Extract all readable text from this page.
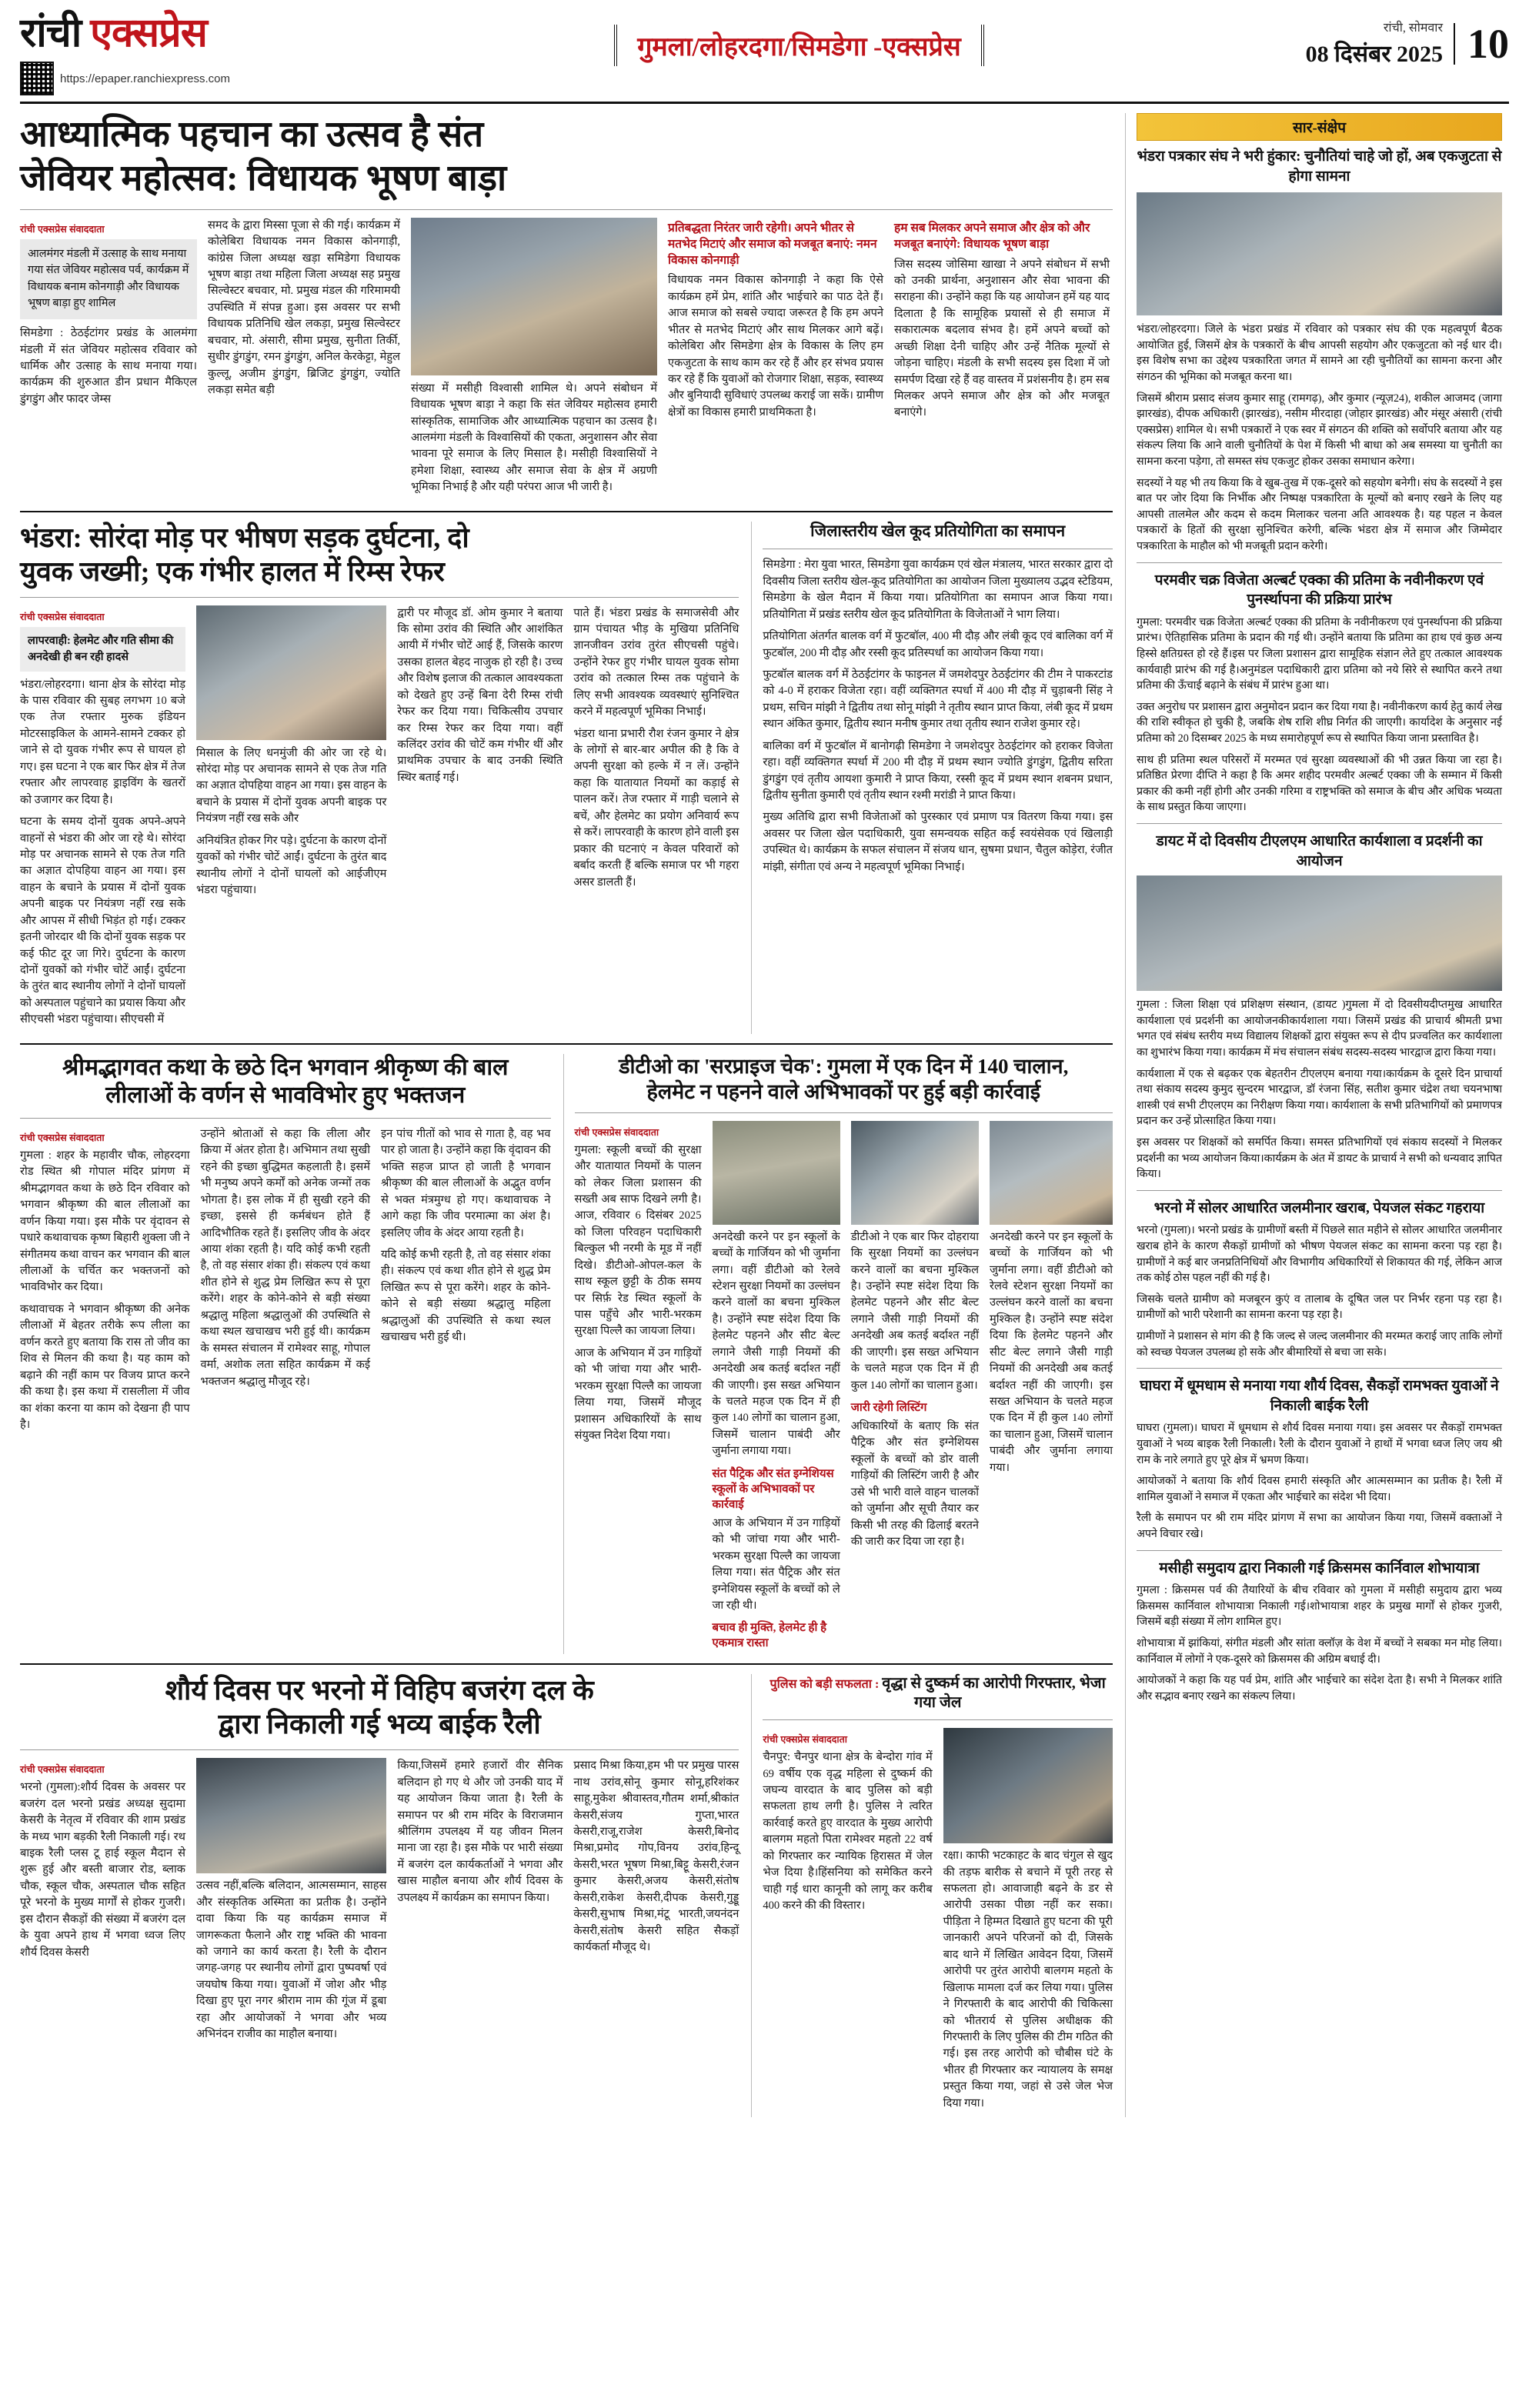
रांची एक्सप्रेस
https://epaper.ranchiexpress.com
गुमला/लोहरदगा/सिमडेगा -एक्सप्रेस
रांची, सोमवार
08 दिसंबर 2025 10
आध्यात्मिक पहचान का उत्सव है संत
जेवियर महोत्सव: विधायक भूषण बाड़ा
रांची एक्सप्रेस संवाददाता
आलमंगर मंडली में उत्साह के साथ मनाया गया संत जेवियर महोत्सव पर्व, कार्यक्रम में विधायक बनाम कोनगाड़ी और विधायक भूषण बाड़ा हुए शामिल

सिमडेगा : ठेठईटांगर प्रखंड के आलमंगा मंडली में संत जेवियर महोत्सव रविवार को धार्मिक और उत्साह के साथ मनाया गया। कार्यक्रम की शुरुआत डीन प्रधान मैकिएल डुंगडुंग और फादर जेम्स

समद के द्वारा मिस्सा पूजा से की गई। कार्यक्रम में कोलेबिरा विधायक नमन विकास कोनगाड़ी, कांग्रेस जिला अध्यक्ष खड़ा समिडेगा विधायक भूषण बाड़ा तथा महिला जिला अध्यक्ष सह प्रमुख सिल्वेस्टर बचवार, मो. प्रमुख मंडल की गरिमामयी उपस्थिति में संपन्न हुआ। इस अवसर पर सभी विधायक प्रतिनिधि खेल लकड़ा, प्रमुख सिल्वेस्टर बचवार, मो. अंसारी, सीमा प्रमुख, सुनीता तिर्की, सुधीर डुंगडुंग, रमन डुंगडुंग, अनिल केरकेट्टा, मेहुल कुल्लू, अजीम डुंगडुंग, ब्रिजिट डुंगडुंग, ज्योति लकड़ा समेत बड़ी	संख्या में मसीही विश्वासी शामिल थे। अपने संबोधन में विधायक भूषण बाड़ा ने कहा कि संत जेवियर महोत्सव हमारी सांस्कृतिक, सामाजिक और आध्यात्मिक पहचान का उत्सव है। आलमंगा मंडली के विश्वासियों की एकता, अनुशासन और सेवा भावना पूरे समाज के लिए मिसाल है। मसीही विश्वासियों ने हमेशा शिक्षा, स्वास्थ्य और समाज सेवा के क्षेत्र में अग्रणी भूमिका निभाई है और यही परंपरा आज भी जारी है।

प्रतिबद्धता निरंतर जारी रहेगी। अपने भीतर से मतभेद मिटाएं और समाज को मजबूत बनाएं: नमन विकास कोनगाड़ी

विधायक नमन विकास कोनगाड़ी ने कहा कि ऐसे कार्यक्रम हमें प्रेम, शांति और भाईचारे का पाठ देते हैं। आज समाज को सबसे ज्यादा जरूरत है कि हम अपने भीतर से मतभेद मिटाएं और साथ मिलकर आगे बढ़ें। कोलेबिरा और सिमडेगा क्षेत्र के विकास के लिए हम एकजुटता के साथ काम कर रहे हैं और हर संभव प्रयास कर रहे हैं कि युवाओं को रोजगार शिक्षा, सड़क, स्वास्थ्य और बुनियादी सुविधाएं उपलब्ध कराई जा सकें। ग्रामीण क्षेत्रों का विकास हमारी प्राथमिकता है।

हम सब मिलकर अपने समाज और क्षेत्र को और मजबूत बनाएंगे: विधायक भूषण बाड़ा

जिस सदस्य जोसिमा खाखा ने अपने संबोधन में सभी को उनकी प्रार्थना, अनुशासन और सेवा भावना की सराहना की। उन्होंने कहा कि यह आयोजन हमें यह याद दिलाता है कि सामूहिक प्रयासों से ही समाज में सकारात्मक बदलाव संभव है। हमें अपने बच्चों को अच्छी शिक्षा देनी चाहिए और उन्हें नैतिक मूल्यों से जोड़ना चाहिए। मंडली के सभी सदस्य इस दिशा में जो समर्पण दिखा रहे हैं वह वास्तव में प्रशंसनीय है। हम सब मिलकर अपने समाज और क्षेत्र को और मजबूत बनाएंगे।

भंडरा: सोरंदा मोड़ पर भीषण सड़क दुर्घटना, दो
युवक जख्मी; एक गंभीर हालत में रिम्स रेफर
रांची एक्सप्रेस संवाददाता
लापरवाही: हेलमेट और गति सीमा की अनदेखी ही बन रही हादसे

भंडरा/लोहरदगा। थाना क्षेत्र के सोरंदा मोड़ के पास रविवार की सुबह लगभग 10 बजे एक तेज रफ्तार मुरुक इंडियन मोटरसाइकिल के आमने-सामने टक्कर हो जाने से दो युवक गंभीर रूप से घायल हो गए। इस घटना ने एक बार फिर क्षेत्र में तेज रफ्तार और लापरवाह ड्राइविंग के खतरों को उजागर कर दिया है।

घटना के समय दोनों युवक अपने-अपने वाहनों से भंडरा की ओर जा रहे थे। सोरंदा मोड़ पर अचानक सामने से एक तेज गति का अज्ञात दोपहिया वाहन आ गया। इस वाहन के बचाने के प्रयास में दोनों युवक अपनी बाइक पर नियंत्रण नहीं रख सके और आपस में सीधी भिड़ंत हो गई। टक्कर इतनी जोरदार थी कि दोनों युवक सड़क पर कई फीट दूर जा गिरे। दुर्घटना के कारण दोनों युवकों को गंभीर चोटें आईं। दुर्घटना के तुरंत बाद स्थानीय लोगों ने दोनों घायलों को अस्पताल पहुंचाने का प्रयास किया और सीएचसी भंडरा पहुंचाया। सीएचसी में

मिसाल के लिए धनमुंजी की ओर जा रहे थे। सोरंदा मोड़ पर अचानक सामने से एक तेज गति का अज्ञात दोपहिया वाहन आ गया। इस वाहन के बचाने के प्रयास में दोनों युवक अपनी बाइक पर नियंत्रण नहीं रख सके और

अनियंत्रित होकर गिर पड़े। दुर्घटना के कारण दोनों युवकों को गंभीर चोटें आईं। दुर्घटना के तुरंत बाद स्थानीय लोगों ने दोनों घायलों को आईजीएम भंडरा पहुंचाया।

द्वारी पर मौजूद डॉ. ओम कुमार ने बताया कि सोमा उरांव की स्थिति और आशंकित आयी में गंभीर चोटें आई हैं, जिसके कारण उसका हालत बेहद नाजुक हो रही है। उच्च और विशेष इलाज की तत्काल आवश्यकता को देखते हुए उन्हें बिना देरी रिम्स रांची रेफर कर दिया गया। चिकित्सीय उपचार कर रिम्स रेफर कर दिया गया। वहीं कलिंदर उरांव की चोटें कम गंभीर थीं और प्राथमिक उपचार के बाद उनकी स्थिति स्थिर बताई गई।

पाते हैं। भंडरा प्रखंड के समाजसेवी और ग्राम पंचायत भीड़ के मुखिया प्रतिनिधि ज्ञानजीवन उरांव तुरंत सीएचसी पहुंचे। उन्होंने रेफर हुए गंभीर घायल युवक सोमा उरांव को तत्काल रिम्स तक पहुंचाने के लिए सभी आवश्यक व्यवस्थाएं सुनिश्चित करने में महत्वपूर्ण भूमिका निभाई।

भंडरा थाना प्रभारी रौश रंजन कुमार ने क्षेत्र के लोगों से बार-बार अपील की है कि वे अपनी सुरक्षा को हल्के में न लें। उन्होंने कहा कि यातायात नियमों का कड़ाई से पालन करें। तेज रफ्तार में गाड़ी चलाने से बचें, और हेलमेट का प्रयोग अनिवार्य रूप से करें। लापरवाही के कारण होने वाली इस प्रकार की घटनाएं न केवल परिवारों को बर्बाद करती हैं बल्कि समाज पर भी गहरा असर डालती हैं।

जिलास्तरीय खेल कूद प्रतियोगिता का समापन

सिमडेगा : मेरा युवा भारत, सिमडेगा युवा कार्यक्रम एवं खेल मंत्रालय, भारत सरकार द्वारा दो दिवसीय जिला स्तरीय खेल-कूद प्रतियोगिता का आयोजन जिला मुख्यालय उद्भव स्टेडियम, सिमडेगा के खेल मैदान में किया गया। प्रतियोगिता का समापन आज किया गया। प्रतियोगिता में प्रखंड स्तरीय खेल कूद प्रतियोगिता के विजेताओं ने भाग लिया।

प्रतियोगिता अंतर्गत बालक वर्ग में फुटबॉल, 400 मी दौड़ और लंबी कूद एवं बालिका वर्ग में फुटबॉल, 200 मी दौड़ और रस्सी कूद प्रतिस्पर्धा का आयोजन किया गया।

फुटबॉल बालक वर्ग में ठेठईटांगर के फाइनल में जमशेदपुर ठेठईटांगर की टीम ने पाकरटांड को 4-0 में हराकर विजेता रहा। वहीं व्यक्तिगत स्पर्धा में 400 मी दौड़ में चुड़ाबनी सिंह ने प्रथम, सचिन मांझी ने द्वितीय तथा सोनू मांझी ने तृतीय स्थान प्राप्त किया, लंबी कूद में प्रथम स्थान अंकित कुमार, द्वितीय स्थान मनीष कुमार तथा तृतीय स्थान राजेश कुमार रहे।

बालिका वर्ग में फुटबॉल में बानोगढ़ी सिमडेगा ने जमशेदपुर ठेठईटांगर को हराकर विजेता रहा। वहीं व्यक्तिगत स्पर्धा में 200 मी दौड़ में प्रथम स्थान ज्योति डुंगडुंग, द्वितीय सरिता डुंगडुंग एवं तृतीय आयशा कुमारी ने प्राप्त किया, रस्सी कूद में प्रथम स्थान शबनम प्रधान, द्वितीय सुनीता कुमारी एवं तृतीय स्थान रश्मी मरांडी ने प्राप्त किया।

मुख्य अतिथि द्वारा सभी विजेताओं को पुरस्कार एवं प्रमाण पत्र वितरण किया गया। इस अवसर पर जिला खेल पदाधिकारी, युवा समन्वयक सहित कई स्वयंसेवक एवं खिलाड़ी उपस्थित थे। कार्यक्रम के सफल संचालन में संजय धान, सुषमा प्रधान, चैतुल कोड़ेरा, रंजीत मांझी, संगीता एवं अन्य ने महत्वपूर्ण भूमिका निभाई।

श्रीमद्भागवत कथा के छठे दिन भगवान श्रीकृष्ण की बाल
लीलाओं के वर्णन से भावविभोर हुए भक्तजन
रांची एक्सप्रेस संवाददाता

गुमला : शहर के महावीर चौक, लोहरदगा रोड स्थित श्री गोपाल मंदिर प्रांगण में श्रीमद्भागवत कथा के छठे दिन रविवार को भगवान श्रीकृष्ण की बाल लीलाओं का वर्णन किया गया। इस मौके पर वृंदावन से पधारे कथावाचक कृष्ण बिहारी शुक्ला जी ने संगीतमय कथा वाचन कर भगवान की बाल लीलाओं के चर्चित कर भक्तजनों को भावविभोर कर दिया।

कथावाचक ने भगवान श्रीकृष्ण की अनेक लीलाओं में बेहतर तरीके रूप लीला का वर्णन करते हुए बताया कि रास तो जीव का शिव से मिलन की कथा है। यह काम को बढ़ाने की नहीं काम पर विजय प्राप्त करने की कथा है। इस कथा में रासलीला में जीव का शंका करना या काम को देखना ही पाप है।

उन्होंने श्रोताओं से कहा कि लीला और क्रिया में अंतर होता है। अभिमान तथा सुखी रहने की इच्छा बुद्धिमत कहलाती है। इसमें भी मनुष्य अपने कर्मों को अनेक जन्मों तक भोगता है। इस लोक में ही सुखी रहने की इच्छा, इससे ही कर्मबंधन होते हैं आदिभौतिक रहते हैं। इसलिए जीव के अंदर आया शंका रहती है। यदि कोई कभी रहती है, तो वह संसार शंका ही। संकल्प एवं कथा शीत होने से शुद्ध प्रेम लिखित रूप से पूरा करेंगे। शहर के कोने-कोने से बड़ी संख्या श्रद्धालु महिला श्रद्धालुओं की उपस्थिति से कथा स्थल खचाखच भरी हुई थी। कार्यक्रम के समस्त संचालन में रामेश्वर साहू, गोपाल वर्मा, अशोक लता सहित कार्यक्रम में कई भक्तजन श्रद्धालु मौजूद रहे।

इन पांच गीतों को भाव से गाता है, वह भव पार हो जाता है। उन्होंने कहा कि वृंदावन की भक्ति सहज प्राप्त हो जाती है भगवान श्रीकृष्ण की बाल लीलाओं के अद्भुत वर्णन से भक्त मंत्रमुग्ध हो गए। कथावाचक ने आगे कहा कि जीव परमात्मा का अंश है। इसलिए जीव के अंदर आया रहती है।

यदि कोई कभी रहती है, तो वह संसार शंका ही। संकल्प एवं कथा शीत होने से शुद्ध प्रेम लिखित रूप से पूरा करेंगे। शहर के कोने-कोने से बड़ी संख्या श्रद्धालु महिला श्रद्धालुओं की उपस्थिति से कथा स्थल खचाखच भरी हुई थी।

डीटीओ का 'सरप्राइज चेक': गुमला में एक दिन में 140 चालान,
हेलमेट न पहनने वाले अभिभावकों पर हुई बड़ी कार्रवाई
रांची एक्सप्रेस संवाददाता

गुमला: स्कूली बच्चों की सुरक्षा और यातायात नियमों के पालन को लेकर जिला प्रशासन की सख्ती अब साफ दिखने लगी है। आज, रविवार 6 दिसंबर 2025 को जिला परिवहन पदाधिकारी बिल्कुल भी नरमी के मूड में नहीं दिखे। डीटीओ-ओपल-कल के साथ स्कूल छुट्टी के ठीक समय पर सिर्फ़ रेड स्थित स्कूलों के पास पहुँचे और भारी-भरकम सुरक्षा पिल्लै का जायजा लिया।

आज के अभियान में उन गाड़ियों को भी जांचा गया और भारी-भरकम सुरक्षा पिल्लै का जायजा लिया गया, जिसमें मौजूद प्रशासन अधिकारियों के साथ संयुक्त निदेश दिया गया।

अनदेखी करने पर इन स्कूलों के बच्चों के गार्जियन को भी जुर्माना लगा। वहीं डीटीओ को रेलवे स्टेशन सुरक्षा नियमों का उल्लंघन करने वालों का बचना मुश्किल है। उन्होंने स्पष्ट संदेश दिया कि हेलमेट पहनने और सीट बेल्ट लगाने जैसी गाड़ी नियमों की अनदेखी अब कतई बर्दाश्त नहीं की जाएगी। इस सख्त अभियान के चलते महज एक दिन में ही कुल 140 लोगों का चालान हुआ, जिसमें चालान पाबंदी और जुर्माना लगाया गया।

संत पैट्रिक और संत इग्नेशियस स्कूलों के अभिभावकों पर कार्रवाई

आज के अभियान में उन गाड़ियों को भी जांचा गया और भारी-भरकम सुरक्षा पिल्लै का जायजा लिया गया। संत पैट्रिक और संत इग्नेशियस स्कूलों के बच्चों को ले जा रही थी।

बचाव ही मुक्ति, हेलमेट ही है एकमात्र रास्ता

डीटीओ ने एक बार फिर दोहराया कि सुरक्षा नियमों का उल्लंघन करने वालों का बचना मुश्किल है। उन्होंने स्पष्ट संदेश दिया कि हेलमेट पहनने और सीट बेल्ट लगाने जैसी गाड़ी नियमों की अनदेखी अब कतई बर्दाश्त नहीं की जाएगी। इस सख्त अभियान के चलते महज एक दिन में ही कुल 140 लोगों का चालान हुआ।

जारी रहेगी लिस्टिंग

अधिकारियों के बताए कि संत पैट्रिक और संत इग्नेशियस स्कूलों के बच्चों को डोर वाली गाड़ियों की लिस्टिंग जारी है और उसे भी भारी वाले वाहन चालकों को जुर्माना और सूची तैयार कर किसी भी तरह की ढिलाई बरतने की जारी कर दिया जा रहा है।

अनदेखी करने पर इन स्कूलों के बच्चों के गार्जियन को भी जुर्माना लगा। वहीं डीटीओ को रेलवे स्टेशन सुरक्षा नियमों का उल्लंघन करने वालों का बचना मुश्किल है। उन्होंने स्पष्ट संदेश दिया कि हेलमेट पहनने और सीट बेल्ट लगाने जैसी गाड़ी नियमों की अनदेखी अब कतई बर्दाश्त नहीं की जाएगी। इस सख्त अभियान के चलते महज एक दिन में ही कुल 140 लोगों का चालान हुआ, जिसमें चालान पाबंदी और जुर्माना लगाया गया।

शौर्य दिवस पर भरनो में विहिप बजरंग दल के
द्वारा निकाली गई भव्य बाईक रैली
रांची एक्सप्रेस संवाददाता

भरनो (गुमला):शौर्य दिवस के अवसर पर बजरंग दल भरनो प्रखंड अध्यक्ष सुदामा केसरी के नेतृत्व में रविवार की शाम प्रखंड के मध्य भाग बड़की रैली निकाली गई। रथ बाइक रैली प्लस टू हाई स्कूल मैदान से शुरू हुई और बस्ती बाजार रोड, ब्लाक चौक, स्कूल चौक, अस्पताल चौक सहित पूरे भरनो के मुख्य मार्गों से होकर गुजरी। इस दौरान सैकड़ों की संख्या में बजरंग दल के युवा अपने हाथ में भगवा ध्वज लिए शौर्य दिवस केसरी

उत्सव नहीं,बल्कि बलिदान, आत्मसम्मान, साहस और संस्कृतिक अस्मिता का प्रतीक है। उन्होंने दावा किया कि यह कार्यक्रम समाज में जागरूकता फैलाने और राष्ट्र भक्ति की भावना को जगाने का कार्य करता है। रैली के दौरान जगह-जगह पर स्थानीय लोगों द्वारा पुष्पवर्षा एवं जयघोष किया गया। युवाओं में जोश और भीड़ दिखा हुए पूरा नगर श्रीराम नाम की गूंज में डूबा रहा और आयोजकों ने भगवा और भव्य अभिनंदन राजीव का माहौल बनाया।

किया,जिसमें हमारे हजारों वीर सैनिक बलिदान हो गए थे और जो उनकी याद में यह आयोजन किया जाता है। रैली के समापन पर श्री राम मंदिर के विराजमान श्रीलिंगम उपलक्ष्य में यह जीवन मिलन माना जा रहा है। इस मौके पर भारी संख्या में बजरंग दल कार्यकर्ताओं ने भगवा और खास माहौल बनाया और शौर्य दिवस के उपलक्ष्य में कार्यक्रम का समापन किया।

प्रसाद मिश्रा किया,हम भी पर प्रमुख पारस नाथ उरांव,सोनू कुमार सोनू,हरिशंकर साहू,मुकेश श्रीवास्तव,गौतम शर्मा,श्रीकांत केसरी,संजय गुप्ता,भारत केसरी,राजू,राजेश केसरी,बिनोद मिश्रा,प्रमोद गोप,विनय उरांव,हिन्दू केसरी,भरत भूषण मिश्रा,बिट्टू केसरी,रंजन कुमार केसरी,अजय केसरी,संतोष केसरी,राकेश केसरी,दीपक केसरी,गुड्डू केसरी,सुभाष मिश्रा,मंटू भारती,जयनंदन केसरी,संतोष केसरी सहित सैकड़ों कार्यकर्ता मौजूद थे।

पुलिस को बड़ी सफलता : वृद्धा से दुष्कर्म का आरोपी गिरफ्तार, भेजा गया जेल
रांची एक्सप्रेस संवाददाता

चैनपुर: चैनपुर थाना क्षेत्र के बेन्दोरा गांव में 69 वर्षीय एक वृद्ध महिला से दुष्कर्म की जघन्य वारदात के बाद पुलिस को बड़ी सफलता हाथ लगी है। पुलिस ने त्वरित कार्रवाई करते हुए वारदात के मुख्य आरोपी बालगम महतो पिता रामेश्वर महतो 22 वर्ष को गिरफ्तार कर न्यायिक हिरासत में जेल भेज दिया है।हिंसनिया को समेकित करने चाही गई धारा कानूनी को लागू कर करीब 400 करने की की विस्तार।

रक्षा। काफी भटकाहट के बाद चंगुल से खुद की तड़फ बारीक से बचाने में पूरी तरह से सफलता हो। आवाजाही बढ़ने के डर से आरोपी उसका पीछा नहीं कर सका। पीड़िता ने हिम्मत दिखाते हुए घटना की पूरी जानकारी अपने परिजनों को दी, जिसके बाद थाने में लिखित आवेदन दिया, जिसमें आरोपी पर तुरंत आरोपी बालगम महतो के खिलाफ मामला दर्ज कर लिया गया। पुलिस ने गिरफ्तारी के बाद आरोपी की चिकित्सा को भीतरार्य से पुलिस अधीक्षक की गिरफ्तारी के लिए पुलिस की टीम गठित की गई। इस तरह आरोपी को चौबीस घंटे के भीतर ही गिरफ्तार कर न्यायालय के समक्ष प्रस्तुत किया गया, जहां से उसे जेल भेज दिया गया।

सार-संक्षेप
भंडरा पत्रकार संघ ने भरी हुंकार: चुनौतियां चाहे जो हों, अब एकजुटता से होगा सामना

भंडरा/लोहरदगा। जिले के भंडरा प्रखंड में रविवार को पत्रकार संघ की एक महत्वपूर्ण बैठक आयोजित हुई, जिसमें क्षेत्र के पत्रकारों के बीच आपसी सहयोग और एकजुटता को नई धार दी। इस विशेष सभा का उद्देश्य पत्रकारिता जगत में सामने आ रही चुनौतियों का सामना करना और संगठन की भूमिका को मजबूत करना था।

जिसमें श्रीराम प्रसाद संजय कुमार साहू (रामगढ़), और कुमार (न्यूज़24), शकील आजमद (जागा झारखंड), दीपक अधिकारी (झारखंड), नसीम मीरदाहा (जोहार झारखंड) और मंसूर अंसारी (रांची एक्सप्रेस) शामिल थे। सभी पत्रकारों ने एक स्वर में संगठन की शक्ति को सर्वोपरि बताया और यह संकल्प लिया कि आने वाली चुनौतियों के पेश में किसी भी बाधा को अब समस्या या चुनौती का सामना करना पड़ेगा, तो समस्त संघ एकजुट होकर उसका समाधान करेगा।

सदस्यों ने यह भी तय किया कि वे खुब-तुख में एक-दूसरे को सहयोग बनेगी। संघ के सदस्यों ने इस बात पर जोर दिया कि निर्भीक और निष्पक्ष पत्रकारिता के मूल्यों को बनाए रखने के लिए यह आपसी तालमेल और कदम से कदम मिलाकर चलना अति आवश्यक है। यह पहल न केवल पत्रकारों के हितों की सुरक्षा सुनिश्चित करेगी, बल्कि भंडरा क्षेत्र में समाज और जिम्मेदार पत्रकारिता के माहौल को भी मजबूती प्रदान करेगी।

परमवीर चक्र विजेता अल्बर्ट एक्का की प्रतिमा के नवीनीकरण एवं पुनर्स्थापना की प्रक्रिया प्रारंभ

गुमला: परमवीर चक्र विजेता अल्बर्ट एक्का की प्रतिमा के नवीनीकरण एवं पुनर्स्थापना की प्रक्रिया प्रारंभ। ऐतिहासिक प्रतिमा के प्रदान की गई थी। उन्होंने बताया कि प्रतिमा का हाथ एवं कुछ अन्य हिस्से क्षतिग्रस्त हो रहे हैं।इस पर जिला प्रशासन द्वारा सामूहिक संज्ञान लेते हुए तत्काल आवश्यक कार्यवाही प्रारंभ की गई है।अनुमंडल पदाधिकारी द्वारा प्रतिमा को नये सिरे से स्थापित करने तथा प्रतिमा की ऊँचाई बढ़ाने के संबंध में प्रारंभ हुआ था।

उक्त अनुरोध पर प्रशासन द्वारा अनुमोदन प्रदान कर दिया गया है। नवीनीकरण कार्य हेतु कार्य लेख की राशि स्वीकृत हो चुकी है, जबकि शेष राशि शीघ्र निर्गत की जाएगी। कार्यादेश के अनुसार नई प्रतिमा को 20 दिसम्बर 2025 के मध्य समारोहपूर्ण रूप से स्थापित किया जाना प्रस्तावित है।

साथ ही प्रतिमा स्थल परिसरों में मरम्मत एवं सुरक्षा व्यवस्थाओं की भी उन्नत किया जा रहा है।प्रतिष्ठित प्रेरणा दीप्ति ने कहा है कि अमर शहीद परमवीर अल्बर्ट एक्का जी के सम्मान में किसी प्रकार की कमी नहीं होगी और उनकी गरिमा व राष्ट्रभक्ति को समाज के बीच और अधिक भव्यता के साथ प्रस्तुत किया जाएगा।

डायट में दो दिवसीय टीएलएम आधारित कार्यशाला व प्रदर्शनी का आयोजन

गुमला : जिला शिक्षा एवं प्रशिक्षण संस्थान, (डायट )गुमला में दो दिवसीयदीप्तमुख आधारित कार्यशाला एवं प्रदर्शनी का आयोजनकीकार्यशाला गया। जिसमें प्रखंड की प्राचार्य श्रीमती प्रभा भगत एवं संबंध स्तरीय मध्य विद्यालय शिक्षकों द्वारा संयुक्त रूप से दीप प्रज्वलित कर कार्यशाला का शुभारंभ किया गया। कार्यक्रम में मंच संचालन संबंध सदस्य-सदस्य भारद्वाज द्वारा किया गया।

कार्यशाला में एक से बढ़कर एक बेहतरीन टीएलएम बनाया गया।कार्यक्रम के दूसरे दिन प्राचार्या तथा संकाय सदस्य कुमुद सुन्दरम भारद्वाज, डॉ रंजना सिंह, सतीश कुमार चंद्रेश तथा चयनभाषा शास्त्री एवं सभी टीएलएम का निरीक्षण किया गया। कार्यशाला के सभी प्रतिभागियों को प्रमाणपत्र प्रदान कर उन्हें प्रोत्साहित किया गया।

इस अवसर पर शिक्षकों को समर्पित किया। समस्त प्रतिभागियों एवं संकाय सदस्यों ने मिलकर प्रदर्शनी का भव्य आयोजन किया।कार्यक्रम के अंत में डायट के प्राचार्य ने सभी को धन्यवाद ज्ञापित किया।

भरनो में सोलर आधारित जलमीनार खराब, पेयजल संकट गहराया

भरनो (गुमला)। भरनो प्रखंड के ग्रामीणों बस्ती में पिछले सात महीने से सोलर आधारित जलमीनार खराब होने के कारण सैकड़ों ग्रामीणों को भीषण पेयजल संकट का सामना करना पड़ रहा है।ग्रामीणों ने कई बार जनप्रतिनिधियों और विभागीय अधिकारियों से शिकायत की गई, लेकिन आज तक कोई ठोस पहल नहीं की गई है।

जिसके चलते ग्रामीण को मजबूरन कुएं व तालाब के दूषित जल पर निर्भर रहना पड़ रहा है।ग्रामीणों को भारी परेशानी का सामना करना पड़ रहा है।

ग्रामीणों ने प्रशासन से मांग की है कि जल्द से जल्द जलमीनार की मरम्मत कराई जाए ताकि लोगों को स्वच्छ पेयजल उपलब्ध हो सके और बीमारियों से बचा जा सके।

घाघरा में धूमधाम से मनाया गया शौर्य दिवस, सैकड़ों रामभक्त युवाओं ने निकाली बाईक रैली

घाघरा (गुमला)। घाघरा में धूमधाम से शौर्य दिवस मनाया गया। इस अवसर पर सैकड़ों रामभक्त युवाओं ने भव्य बाइक रैली निकाली। रैली के दौरान युवाओं ने हाथों में भगवा ध्वज लिए जय श्री राम के नारे लगाते हुए पूरे क्षेत्र में भ्रमण किया।

आयोजकों ने बताया कि शौर्य दिवस हमारी संस्कृति और आत्मसम्मान का प्रतीक है। रैली में शामिल युवाओं ने समाज में एकता और भाईचारे का संदेश भी दिया।

रैली के समापन पर श्री राम मंदिर प्रांगण में सभा का आयोजन किया गया, जिसमें वक्ताओं ने अपने विचार रखे।

मसीही समुदाय द्वारा निकाली गई क्रिसमस कार्निवाल शोभायात्रा

गुमला : क्रिसमस पर्व की तैयारियों के बीच रविवार को गुमला में मसीही समुदाय द्वारा भव्य क्रिसमस कार्निवाल शोभायात्रा निकाली गई।शोभायात्रा शहर के प्रमुख मार्गों से होकर गुजरी, जिसमें बड़ी संख्या में लोग शामिल हुए।

शोभायात्रा में झांकियां, संगीत मंडली और सांता क्लॉज़ के वेश में बच्चों ने सबका मन मोह लिया। कार्निवाल में लोगों ने एक-दूसरे को क्रिसमस की अग्रिम बधाई दी।

आयोजकों ने कहा कि यह पर्व प्रेम, शांति और भाईचारे का संदेश देता है। सभी ने मिलकर शांति और सद्भाव बनाए रखने का संकल्प लिया।
